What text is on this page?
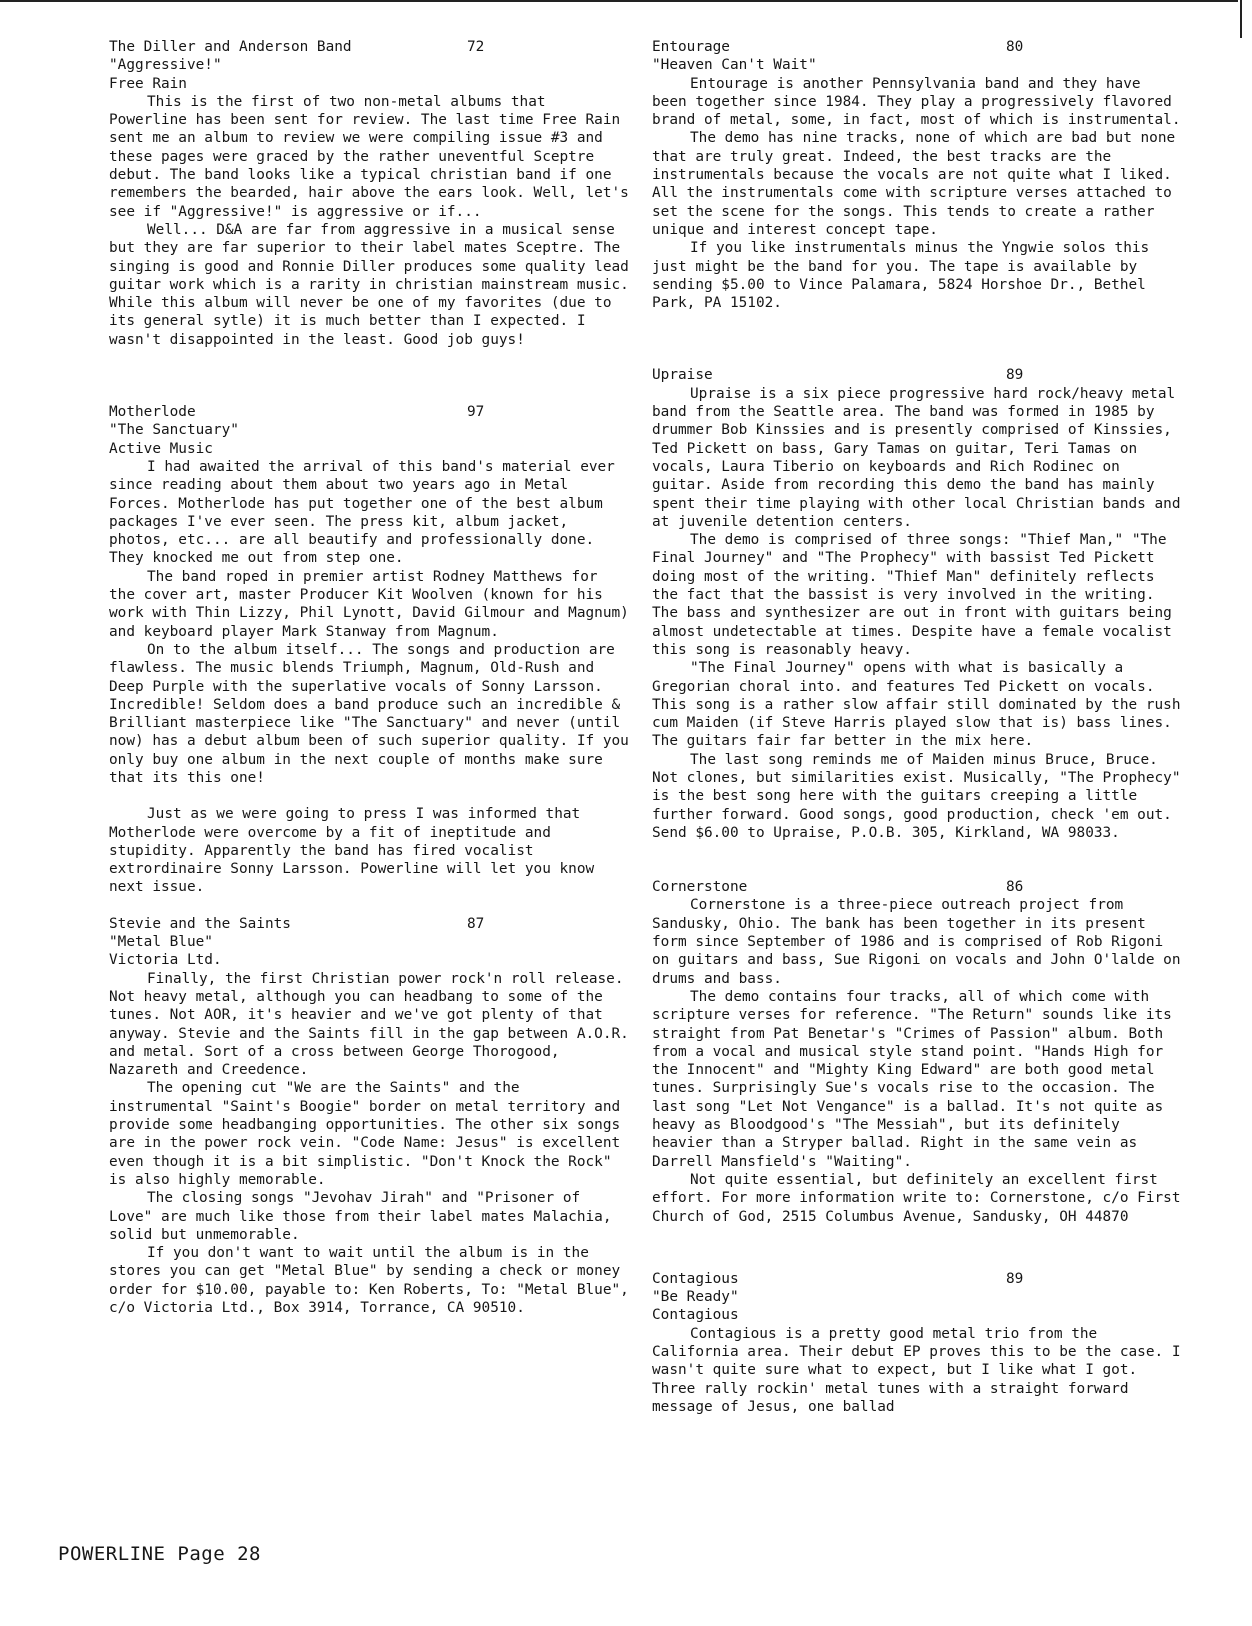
The Diller and Anderson Band	72
"Aggressive!"
Free Rain

This is the first of two non-metal albums that Powerline has been sent for review. The last time Free Rain sent me an album to review we were compiling issue #3 and these pages were graced by the rather uneventful Sceptre debut. The band looks like a typical christian band if one remembers the bearded, hair above the ears look. Well, let's see if "Aggressive!" is aggressive or if...

Well... D&A are far from aggressive in a musical sense but they are far superior to their label mates Sceptre. The singing is good and Ronnie Diller produces some quality lead guitar work which is a rarity in christian mainstream music. While this album will never be one of my favorites (due to its general sytle) it is much better than I expected. I wasn't disappointed in the least. Good job guys!

Motherlode	97
"The Sanctuary"
Active Music

I had awaited the arrival of this band's material ever since reading about them about two years ago in Metal Forces. Motherlode has put together one of the best album packages I've ever seen. The press kit, album jacket, photos, etc... are all beautify and professionally done. They knocked me out from step one.

The band roped in premier artist Rodney Matthews for the cover art, master Producer Kit Woolven (known for his work with Thin Lizzy, Phil Lynott, David Gilmour and Magnum) and keyboard player Mark Stanway from Magnum.

On to the album itself... The songs and production are flawless. The music blends Triumph, Magnum, Old-Rush and Deep Purple with the superlative vocals of Sonny Larsson. Incredible! Seldom does a band produce such an incredible & Brilliant masterpiece like "The Sanctuary" and never (until now) has a debut album been of such superior quality. If you only buy one album in the next couple of months make sure that its this one!

Just as we were going to press I was informed that Motherlode were overcome by a fit of ineptitude and stupidity. Apparently the band has fired vocalist extrordinaire Sonny Larsson. Powerline will let you know next issue.

Stevie and the Saints	87
"Metal Blue"
Victoria Ltd.

Finally, the first Christian power rock'n roll release. Not heavy metal, although you can headbang to some of the tunes. Not AOR, it's heavier and we've got plenty of that anyway. Stevie and the Saints fill in the gap between A.O.R. and metal. Sort of a cross between George Thorogood, Nazareth and Creedence.

The opening cut "We are the Saints" and the instrumental "Saint's Boogie" border on metal territory and provide some headbanging opportunities. The other six songs are in the power rock vein. "Code Name: Jesus" is excellent even though it is a bit simplistic. "Don't Knock the Rock" is also highly memorable.

The closing songs "Jevohav Jirah" and "Prisoner of Love" are much like those from their label mates Malachia, solid but unmemorable.

If you don't want to wait until the album is in the stores you can get "Metal Blue" by sending a check or money order for $10.00, payable to: Ken Roberts, To: "Metal Blue", c/o Victoria Ltd., Box 3914, Torrance, CA 90510.

Entourage	80
"Heaven Can't Wait"

Entourage is another Pennsylvania band and they have been together since 1984. They play a progressively flavored brand of metal, some, in fact, most of which is instrumental.

The demo has nine tracks, none of which are bad but none that are truly great. Indeed, the best tracks are the instrumentals because the vocals are not quite what I liked. All the instrumentals come with scripture verses attached to set the scene for the songs. This tends to create a rather unique and interest concept tape.

If you like instrumentals minus the Yngwie solos this just might be the band for you. The tape is available by sending $5.00 to Vince Palamara, 5824 Horshoe Dr., Bethel Park, PA 15102.

Upraise	89

Upraise is a six piece progressive hard rock/heavy metal band from the Seattle area. The band was formed in 1985 by drummer Bob Kinssies and is presently comprised of Kinssies, Ted Pickett on bass, Gary Tamas on guitar, Teri Tamas on vocals, Laura Tiberio on keyboards and Rich Rodinec on guitar. Aside from recording this demo the band has mainly spent their time playing with other local Christian bands and at juvenile detention centers.

The demo is comprised of three songs: "Thief Man," "The Final Journey" and "The Prophecy" with bassist Ted Pickett doing most of the writing. "Thief Man" definitely reflects the fact that the bassist is very involved in the writing. The bass and synthesizer are out in front with guitars being almost undetectable at times. Despite have a female vocalist this song is reasonably heavy.

"The Final Journey" opens with what is basically a Gregorian choral into. and features Ted Pickett on vocals. This song is a rather slow affair still dominated by the rush cum Maiden (if Steve Harris played slow that is) bass lines. The guitars fair far better in the mix here.

The last song reminds me of Maiden minus Bruce, Bruce. Not clones, but similarities exist. Musically, "The Prophecy" is the best song here with the guitars creeping a little further forward. Good songs, good production, check 'em out. Send $6.00 to Upraise, P.O.B. 305, Kirkland, WA 98033.

Cornerstone	86

Cornerstone is a three-piece outreach project from Sandusky, Ohio. The bank has been together in its present form since September of 1986 and is comprised of Rob Rigoni on guitars and bass, Sue Rigoni on vocals and John O'lalde on drums and bass.

The demo contains four tracks, all of which come with scripture verses for reference. "The Return" sounds like its straight from Pat Benetar's "Crimes of Passion" album. Both from a vocal and musical style stand point. "Hands High for the Innocent" and "Mighty King Edward" are both good metal tunes. Surprisingly Sue's vocals rise to the occasion. The last song "Let Not Vengance" is a ballad. It's not quite as heavy as Bloodgood's "The Messiah", but its definitely heavier than a Stryper ballad. Right in the same vein as Darrell Mansfield's "Waiting".

Not quite essential, but definitely an excellent first effort. For more information write to: Cornerstone, c/o First Church of God, 2515 Columbus Avenue, Sandusky, OH 44870

Contagious	89
"Be Ready"
Contagious

Contagious is a pretty good metal trio from the California area. Their debut EP proves this to be the case. I wasn't quite sure what to expect, but I like what I got. Three rally rockin' metal tunes with a straight forward message of Jesus, one ballad

POWERLINE Page 28
